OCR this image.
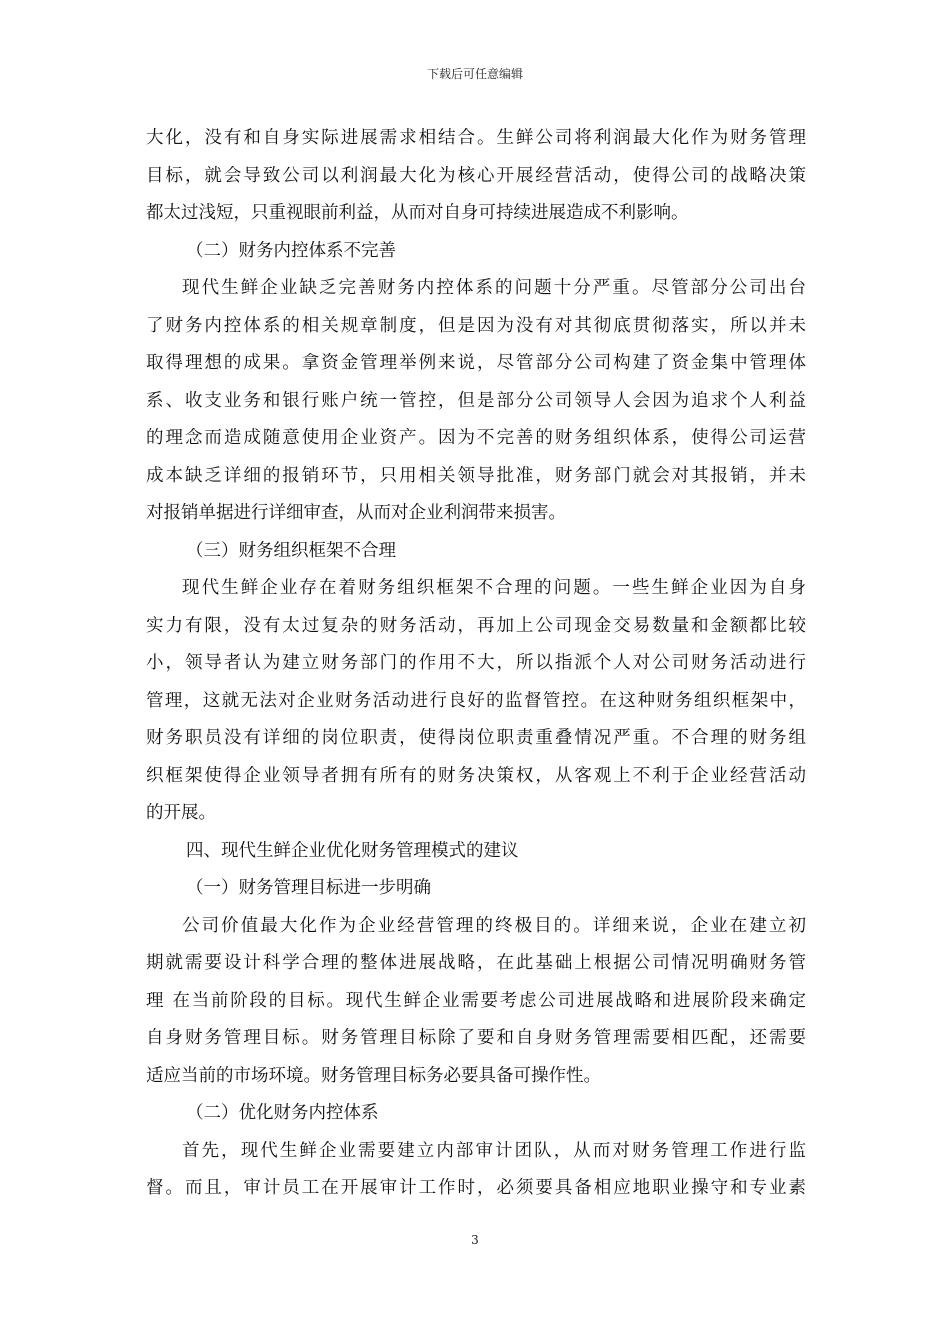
下载后可任意编辑
大化，没有和自身实际进展需求相结合。生鲜公司将利润最大化作为财务管理
目标，就会导致公司以利润最大化为核心开展经营活动，使得公司的战略决策
都太过浅短，只重视眼前利益，从而对自身可持续进展造成不利影响。
（二）财务内控体系不完善
现代生鲜企业缺乏完善财务内控体系的问题十分严重。尽管部分公司出台
了财务内控体系的相关规章制度，但是因为没有对其彻底贯彻落实，所以并未
取得理想的成果。拿资金管理举例来说，尽管部分公司构建了资金集中管理体
系、收支业务和银行账户统一管控，但是部分公司领导人会因为追求个人利益
的理念而造成随意使用企业资产。因为不完善的财务组织体系，使得公司运营
成本缺乏详细的报销环节，只用相关领导批准，财务部门就会对其报销，并未
对报销单据进行详细审查，从而对企业利润带来损害。
（三）财务组织框架不合理
现代生鲜企业存在着财务组织框架不合理的问题。一些生鲜企业因为自身
实力有限，没有太过复杂的财务活动，再加上公司现金交易数量和金额都比较
小，领导者认为建立财务部门的作用不大，所以指派个人对公司财务活动进行
管理，这就无法对企业财务活动进行良好的监督管控。在这种财务组织框架中，
财务职员没有详细的岗位职责，使得岗位职责重叠情况严重。不合理的财务组
织框架使得企业领导者拥有所有的财务决策权，从客观上不利于企业经营活动
的开展。
四、现代生鲜企业优化财务管理模式的建议
（一）财务管理目标进一步明确
公司价值最大化作为企业经营管理的终极目的。详细来说，企业在建立初
期就需要设计科学合理的整体进展战略，在此基础上根据公司情况明确财务管
理 在当前阶段的目标。现代生鲜企业需要考虑公司进展战略和进展阶段来确定
自身财务管理目标。财务管理目标除了要和自身财务管理需要相匹配，还需要
适应当前的市场环境。财务管理目标务必要具备可操作性。
（二）优化财务内控体系
首先，现代生鲜企业需要建立内部审计团队，从而对财务管理工作进行监
督。而且，审计员工在开展审计工作时，必须要具备相应地职业操守和专业素
3
